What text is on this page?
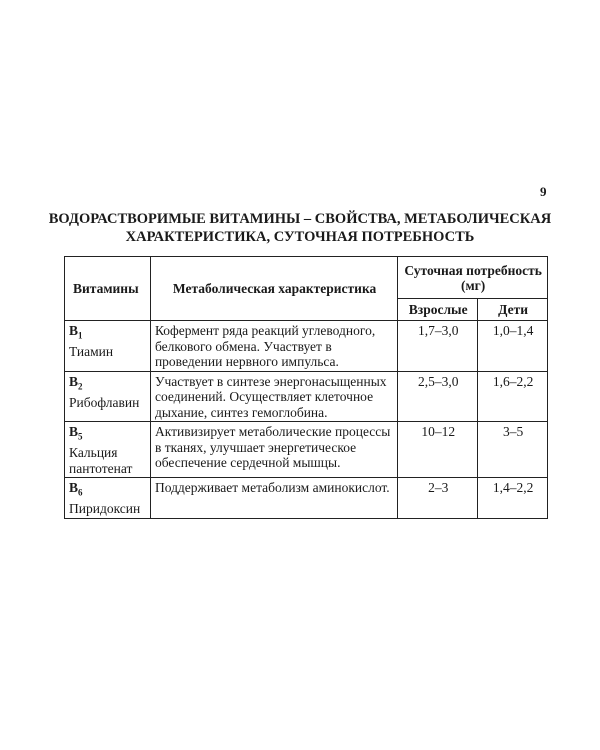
9
ВОДОРАСТВОРИМЫЕ ВИТАМИНЫ – СВОЙСТВА, МЕТАБОЛИЧЕСКАЯ
ХАРАКТЕРИСТИКА, СУТОЧНАЯ ПОТРЕБНОСТЬ
Витамины	Метаболическая характеристика	Суточная потребность (мг)	
		Взрослые	Дети

$B_1$
Тиамин	Кофермент ряда реакций углеводного, белкового обмена. Участвует в проведении нервного импульса.	1,7–3,0	1,0–1,4

$B_2$
Рибофлавин	Участвует в синтезе энергонасыщенных соединений. Осуществляет клеточное дыхание, синтез гемоглобина.	2,5–3,0	1,6–2,2

$B_5$
Кальция пантотенат	Активизирует метаболические процессы в тканях, улучшает энергетическое обеспечение сердечной мышцы.	10–12	3–5

$B_6$
Пиридоксин	Поддерживает метаболизм аминокислот.	2–3	1,4–2,2
